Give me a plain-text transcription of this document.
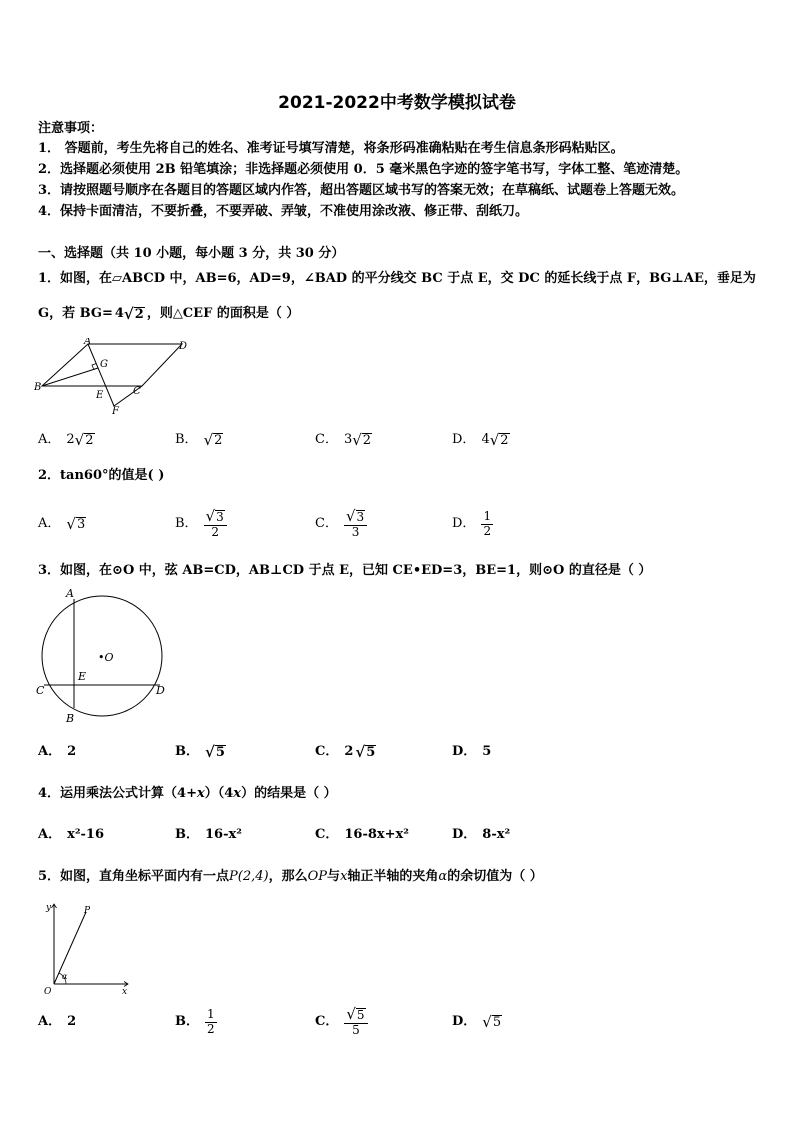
2021-2022中考数学模拟试卷
注意事项：
1． 答题前，考生先将自己的姓名、准考证号填写清楚，将条形码准确粘贴在考生信息条形码粘贴区。
2．选择题必须使用 2B 铅笔填涂；非选择题必须使用 0．5 毫米黑色字迹的签字笔书写，字体工整、笔迹清楚。
3．请按照题号顺序在各题目的答题区域内作答，超出答题区域书写的答案无效；在草稿纸、试题卷上答题无效。
4．保持卡面清洁，不要折叠，不要弄破、弄皱，不准使用涂改液、修正带、刮纸刀。
一、选择题（共 10 小题，每小题 3 分，共 30 分）
1．如图，在▱ABCD 中，AB=6，AD=9，∠BAD 的平分线交 BC 于点 E，交 DC 的延长线于点 F，BG⊥AE，垂足为
G，若 BG= 4 √ 2 ，则△CEF 的面积是（ ）
A	D
B	C
G
E
F
A． 2 √ 2	B． √ 2	C． 3 √ 2	D． 4 √ 2
2．tan60°的值是( )
A． √ 3	B． $\frac{√ 3}{2}$	C． $\frac{√ 3}{3}$	D． $\frac{1}{2}$
3．如图，在⊙O 中，弦 AB=CD，AB⊥CD 于点 E，已知 CE•ED=3，BE=1，则⊙O 的直径是（ ）
A
B
C	D
E
•O
A． 2	B． √ 5	C． 2 √ 5	D． 5
4．运用乘法公式计算（4+x）（4x）的结果是（ ）
A． x²-16	B． 16-x²	C． 16-8x+x²	D． 8-x²
5．如图，直角坐标平面内有一点P(2,4)，那么OP与x轴正半轴的夹角α的余切值为（ ）
y
x
O
P
α
A． 2	B． $\frac{1}{2}$	C． $\frac{√ 5}{5}$	D． √ 5
